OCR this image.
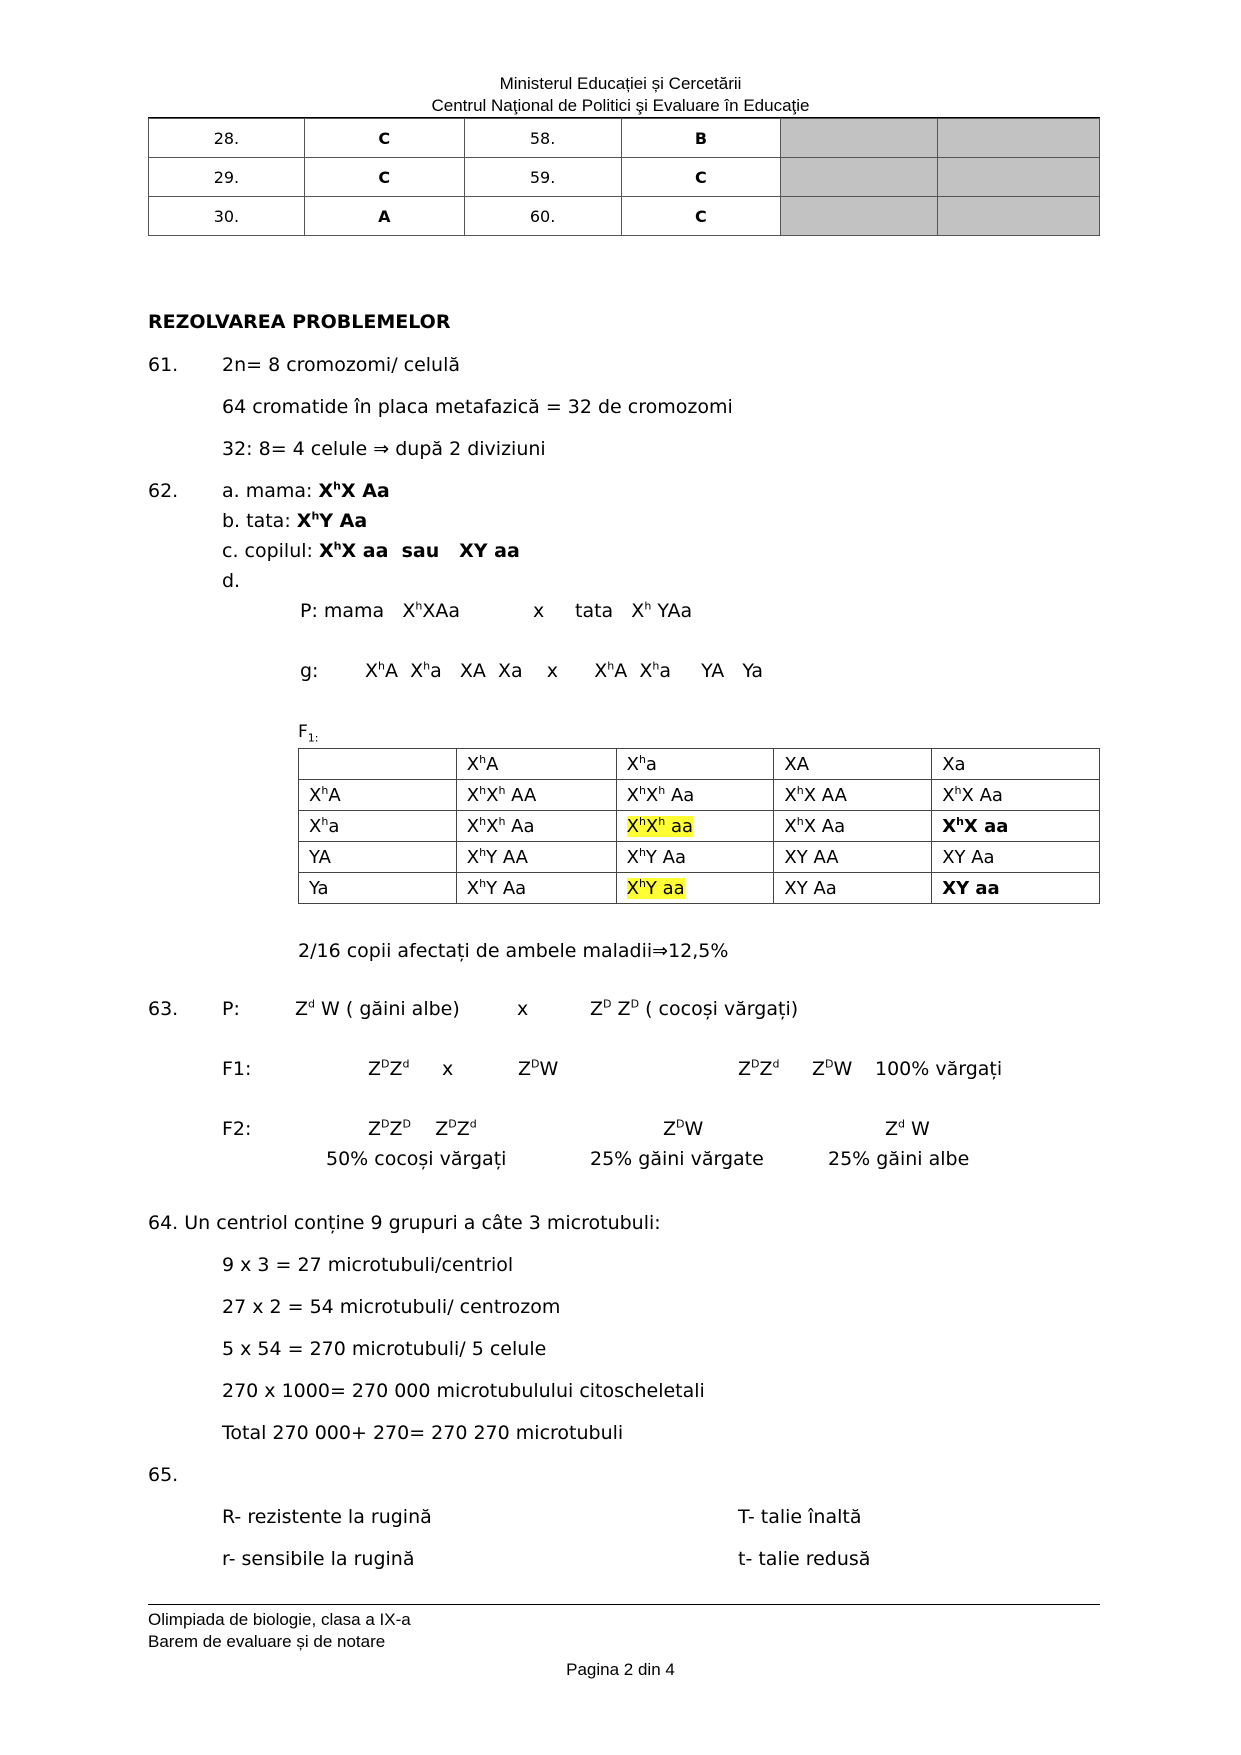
Ministerul Educației și Cercetării
Centrul Naţional de Politici şi Evaluare în Educaţie
28.	C	58.	B		
29.	C	59.	C		
30.	A	60.	C		
REZOLVAREA PROBLEMELOR
61. 2n= 8 cromozomi/ celulă
64 cromatide în placa metafazică = 32 de cromozomi
32: 8= 4 celule ⇒ după 2 diviziuni
62. a. mama: $X^hX$ Aa
b. tata: $X^hY$ Aa
c. copilul: $X^hX$ aa  sau   XY aa
d.
P: mama   $X^hXAa$	x tata   $X^h$ YAa
g: $X^hA$  $X^ha$   XA  Xa    x      $X^hA$  $X^ha$     YA   Ya
$F_{1:}$
	$X^hA$	$X^ha$	XA	Xa
$X^hA$	$X^hX^h$ AA	$X^hX^h$ Aa	$X^hX$ AA	$X^hX$ Aa
$X^ha$	$X^hX^h$ Aa	$X^hX^h$ aa	$X^hX$ Aa	$X^hX$ aa
YA	$X^hY$ AA	$X^hY$ Aa	XY AA	XY Aa
Ya	$X^hY$ Aa	$X^hY$ aa	XY Aa	XY aa
2/16 copii afectați de ambele maladii⇒12,5%
63. P:	$Z^d$ W ( găini albe)	x	$Z^D$ $Z^D$ ( cocoși vărgați)
F1:	$Z^DZ^d$ x	$Z^DW$	$Z^DZ^d$ $Z^DW$ 100% vărgați
F2:	$Z^DZ^D$    $Z^DZ^d$	$Z^DW$	$Z^d$ W
50% cocoși vărgați	25% găini vărgate	25% găini albe
64. Un centriol conține 9 grupuri a câte 3 microtubuli:
9 x 3 = 27 microtubuli/centriol
27 x 2 = 54 microtubuli/ centrozom
5 x 54 = 270 microtubuli/ 5 celule
270 x 1000= 270 000 microtubulului citoscheletali
Total 270 000+ 270= 270 270 microtubuli
65.
R- rezistente la rugină	T- talie înaltă
r- sensibile la rugină	t- talie redusă
Olimpiada de biologie, clasa a IX-a
Barem de evaluare și de notare
Pagina 2 din 4
